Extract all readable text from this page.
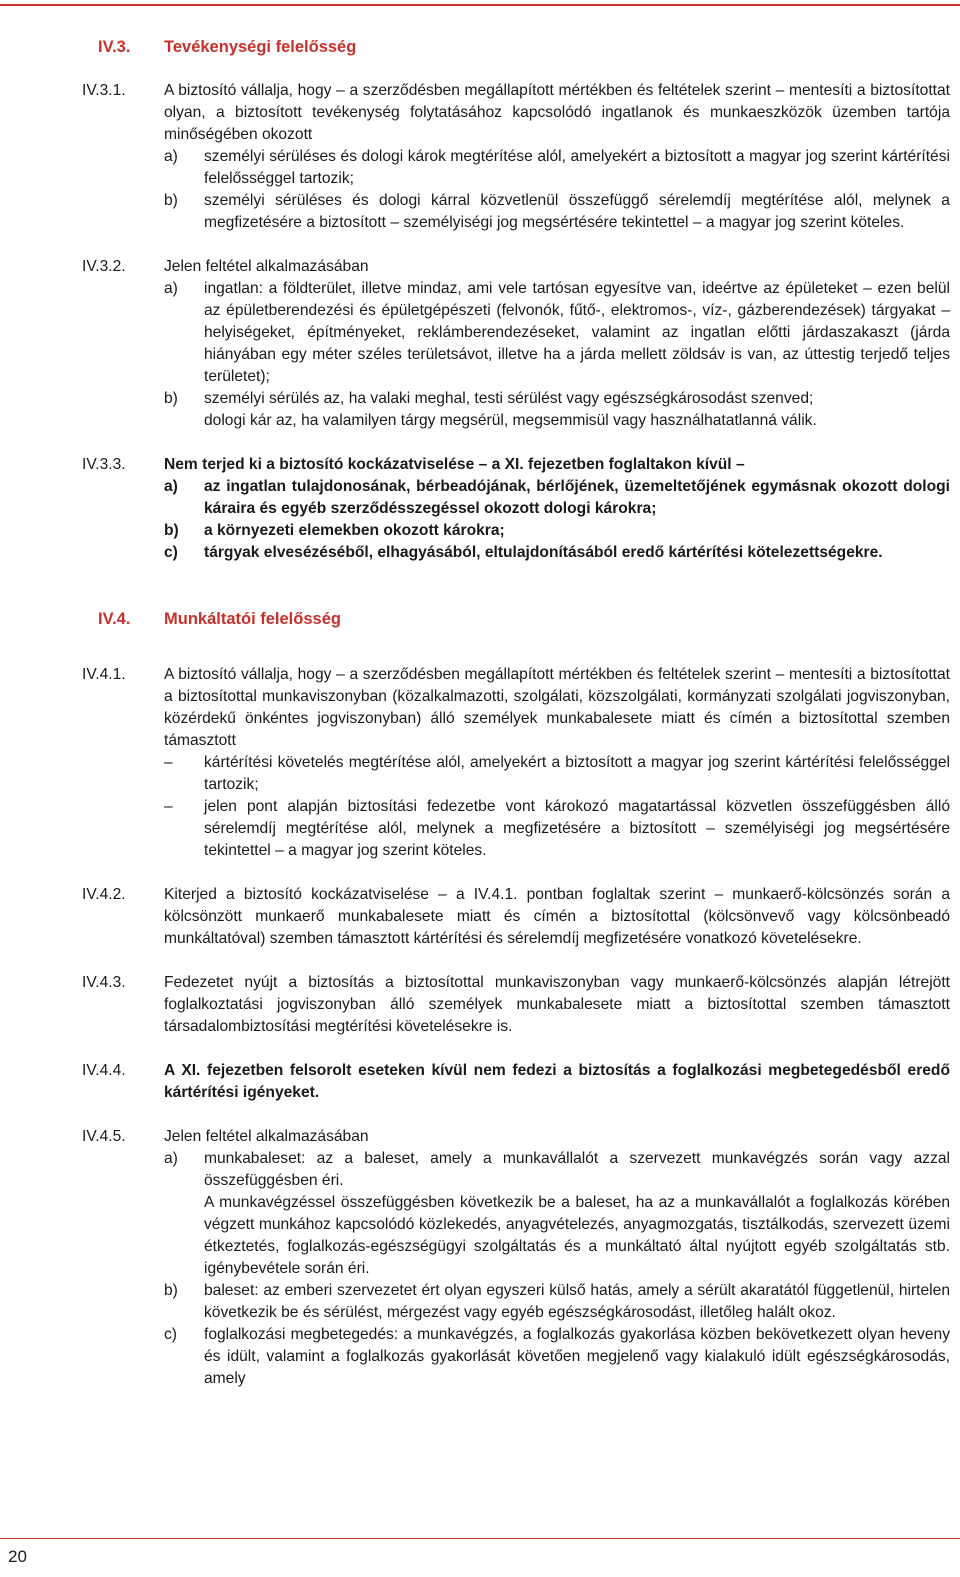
IV.3.	Tevékenységi felelősség
IV.3.1.	A biztosító vállalja, hogy – a szerződésben megállapított mértékben és feltételek szerint – mentesíti a biztosítottat olyan, a biztosított tevékenység folytatásához kapcsolódó ingatlanok és munkaeszközök üzemben tartója minőségében okozott
a)	személyi sérüléses és dologi károk megtérítése alól, amelyekért a biztosított a magyar jog szerint kártérítési felelősséggel tartozik;
b)	személyi sérüléses és dologi kárral közvetlenül összefüggő sérelemdíj megtérítése alól, melynek a megfizetésére a biztosított – személyiségi jog megsértésére tekintettel – a magyar jog szerint köteles.
IV.3.2.	Jelen feltétel alkalmazásában
a)	ingatlan: a földterület, illetve mindaz, ami vele tartósan egyesítve van, ideértve az épületeket – ezen belül az épületberendezési és épületgépészeti (felvonók, fűtő-, elektromos-, víz-, gázberendezések) tárgyakat – helyiségeket, építményeket, reklámberendezéseket, valamint az ingatlan előtti járdaszakaszt (járda hiányában egy méter széles területsávot, illetve ha a járda mellett zöldsáv is van, az úttestig terjedő teljes területet);
b)	személyi sérülés az, ha valaki meghal, testi sérülést vagy egészségkárosodást szenved;
dologi kár az, ha valamilyen tárgy megsérül, megsemmisül vagy használhatatlanná válik.
IV.3.3.	Nem terjed ki a biztosító kockázatviselése – a XI. fejezetben foglaltakon kívül –
a)	az ingatlan tulajdonosának, bérbeadójának, bérlőjének, üzemeltetőjének egymásnak okozott dologi káraira és egyéb szerződésszegéssel okozott dologi károkra;
b)	a környezeti elemekben okozott károkra;
c)	tárgyak elvesézéséből, elhagyásából, eltulajdonításából eredő kártérítési kötelezettségekre.
IV.4.	Munkáltatói felelősség
IV.4.1.	A biztosító vállalja, hogy – a szerződésben megállapított mértékben és feltételek szerint – mentesíti a biztosítottat a biztosítottal munkaviszonyban (közalkalmazotti, szolgálati, közszolgálati, kormányzati szolgálati jogviszonyban, közérdekű önkéntes jogviszonyban) álló személyek munkabalesete miatt és címén a biztosítottal szemben támasztott
–	kártérítési követelés megtérítése alól, amelyekért a biztosított a magyar jog szerint kártérítési felelősséggel tartozik;
–	jelen pont alapján biztosítási fedezetbe vont károkozó magatartással közvetlen összefüggésben álló sérelemdíj megtérítése alól, melynek a megfizetésére a biztosított – személyiségi jog megsértésére tekintettel – a magyar jog szerint köteles.
IV.4.2.	Kiterjed a biztosító kockázatviselése – a IV.4.1. pontban foglaltak szerint – munkaerő-kölcsönzés során a kölcsönzött munkaerő munkabalesete miatt és címén a biztosítottal (kölcsönvevő vagy kölcsönbeadó munkáltatóval) szemben támasztott kártérítési és sérelemdíj megfizetésére vonatkozó követelésekre.
IV.4.3.	Fedezetet nyújt a biztosítás a biztosítottal munkaviszonyban vagy munkaerő-kölcsönzés alapján létrejött foglalkoztatási jogviszonyban álló személyek munkabalesete miatt a biztosítottal szemben támasztott társadalombiztosítási megtérítési követelésekre is.
IV.4.4.	A XI. fejezetben felsorolt eseteken kívül nem fedezi a biztosítás a foglalkozási megbetegedésből eredő kártérítési igényeket.
IV.4.5.	Jelen feltétel alkalmazásában
a)	munkabaleset: az a baleset, amely a munkavállalót a szervezett munkavégzés során vagy azzal összefüggésben éri.
A munkavégzéssel összefüggésben következik be a baleset, ha az a munkavállalót a foglalkozás körében végzett munkához kapcsolódó közlekedés, anyagvételezés, anyagmozgatás, tisztálkodás, szervezett üzemi étkeztetés, foglalkozás-egészségügyi szolgáltatás és a munkáltató által nyújtott egyéb szolgáltatás stb. igénybevétele során éri.
b)	baleset: az emberi szervezetet ért olyan egyszeri külső hatás, amely a sérült akaratától függetlenül, hirtelen következik be és sérülést, mérgezést vagy egyéb egészségkárosodást, illetőleg halált okoz.
c)	foglalkozási megbetegedés: a munkavégzés, a foglalkozás gyakorlása közben bekövetkezett olyan heveny és idült, valamint a foglalkozás gyakorlását követően megjelenő vagy kialakuló idült egészségkárosodás, amely
20
